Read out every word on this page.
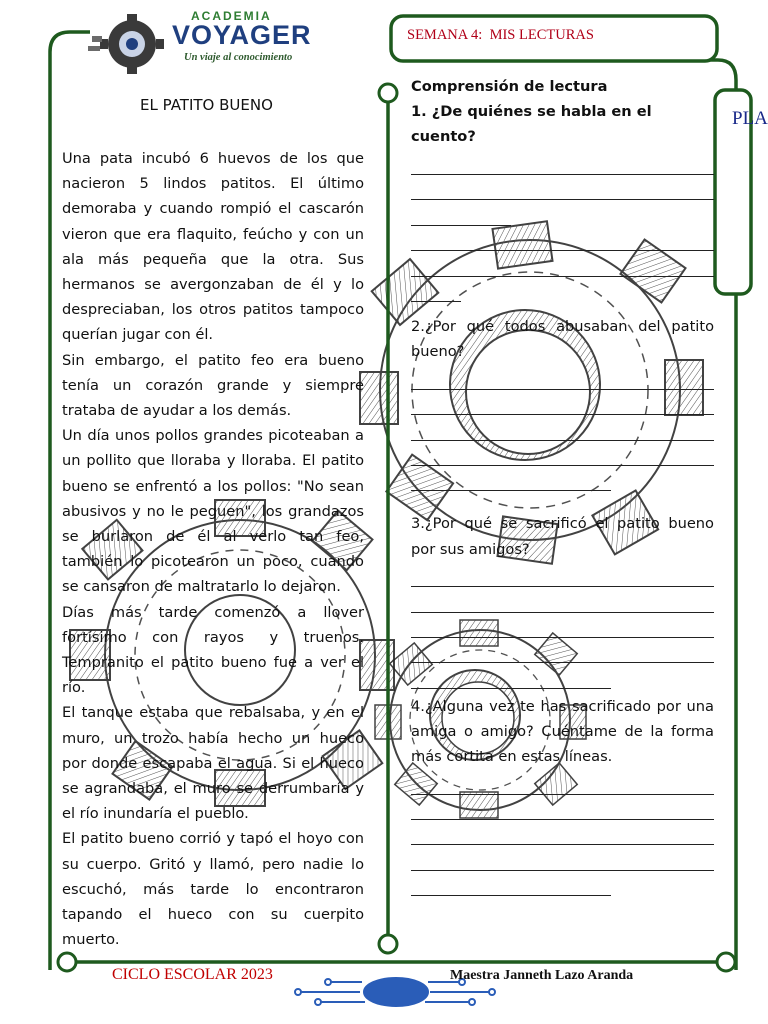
ACADEMIA
VOYAGER
Un viaje al conocimiento
SEMANA 4:  MIS LECTURAS
PLA
EL PATITO BUENO

Una pata incubó 6 huevos de los que nacieron 5 lindos patitos. El último demoraba y cuando rompió el cascarón vieron que era flaquito, feúcho y con un ala más pequeña que la otra. Sus hermanos se avergonzaban de él y lo despreciaban, los otros patitos tampoco querían jugar con él.

Sin embargo, el patito feo era bueno tenía un corazón grande y siempre trataba de ayudar a los demás.

Un día unos pollos grandes picoteaban a un pollito que lloraba y lloraba. El patito bueno se enfrentó a los pollos: "No sean abusivos y no le peguen", los grandazos se burlaron de él al verlo tan feo, también lo picotearon un poco, cuando se cansaron de maltratarlo lo dejaron.

Días más tarde comenzó a llover fortísimo con rayos y truenos. Tempranito el patito bueno fue a ver el río.

El tanque estaba que rebalsaba, y en el muro, un trozo había hecho un hueco por donde escapaba el agua. Si el hueco se agrandaba, el muro se derrumbaría y el río inundaría el pueblo.

El patito bueno corrió y tapó el hoyo con su cuerpo. Gritó y llamó, pero nadie lo escuchó, más tarde lo encontraron tapando el hueco con su cuerpito muerto.

Comprensión de lectura
1. ¿De quiénes se habla en el cuento?

2.¿Por qué todos abusaban del patito bueno?

3.¿Por qué se sacrificó el patito bueno por sus amigos?

4.¿Alguna vez te has sacrificado por una amiga o amigo? Cuéntame de la forma más cortita en estas líneas.

CICLO ESCOLAR 2023	Maestra Janneth Lazo Aranda
